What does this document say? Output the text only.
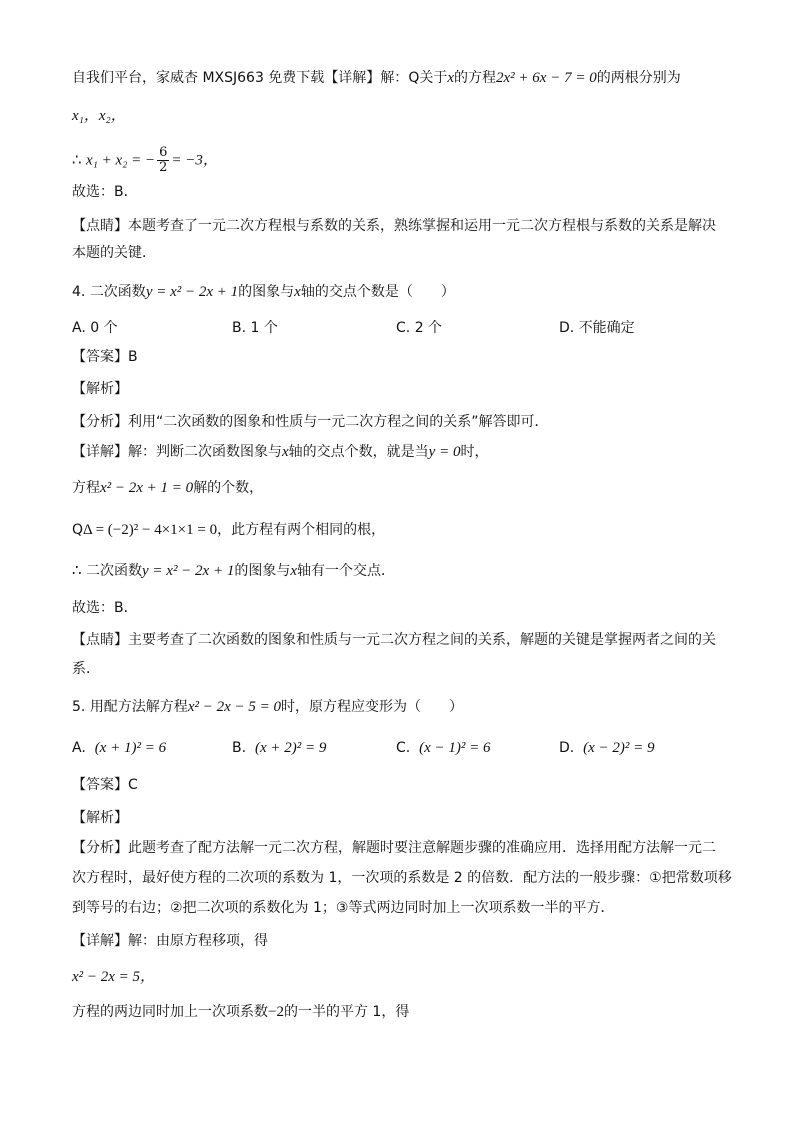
自我们平台，家威杏 MXSJ663 免费下载【详解】解：Q关于x的方程2x² + 6x − 7 = 0的两根分别为
x₁，x₂，
∴ x₁ + x₂ = − $\frac{6}{2} = -3$，
故选：B．
【点睛】本题考查了一元二次方程根与系数的关系，熟练掌握和运用一元二次方程根与系数的关系是解决
本题的关键．
4. 二次函数y = x² − 2x + 1的图象与x轴的交点个数是（　　）
A. 0 个	B. 1 个	C. 2 个	D. 不能确定
【答案】B
【解析】
【分析】利用“二次函数的图象和性质与一元二次方程之间的关系”解答即可．
【详解】解：判断二次函数图象与x轴的交点个数，就是当y = 0时，
方程x² − 2x + 1 = 0解的个数，
QΔ = (−2)² − 4×1×1 = 0，此方程有两个相同的根，
∴ 二次函数y = x² − 2x + 1的图象与x轴有一个交点．
故选：B．
【点睛】主要考查了二次函数的图象和性质与一元二次方程之间的关系，解题的关键是掌握两者之间的关
系．
5. 用配方法解方程x² − 2x − 5 = 0时，原方程应变形为（　　）
A. (x + 1)² = 6	B. (x + 2)² = 9	C. (x − 1)² = 6	D. (x − 2)² = 9
【答案】C
【解析】
【分析】此题考查了配方法解一元二次方程，解题时要注意解题步骤的准确应用．选择用配方法解一元二
次方程时，最好使方程的二次项的系数为 1，一次项的系数是 2 的倍数．配方法的一般步骤：①把常数项移
到等号的右边；②把二次项的系数化为 1；③等式两边同时加上一次项系数一半的平方．
【详解】解：由原方程移项，得
x² − 2x = 5，
方程的两边同时加上一次项系数−2的一半的平方 1，得
